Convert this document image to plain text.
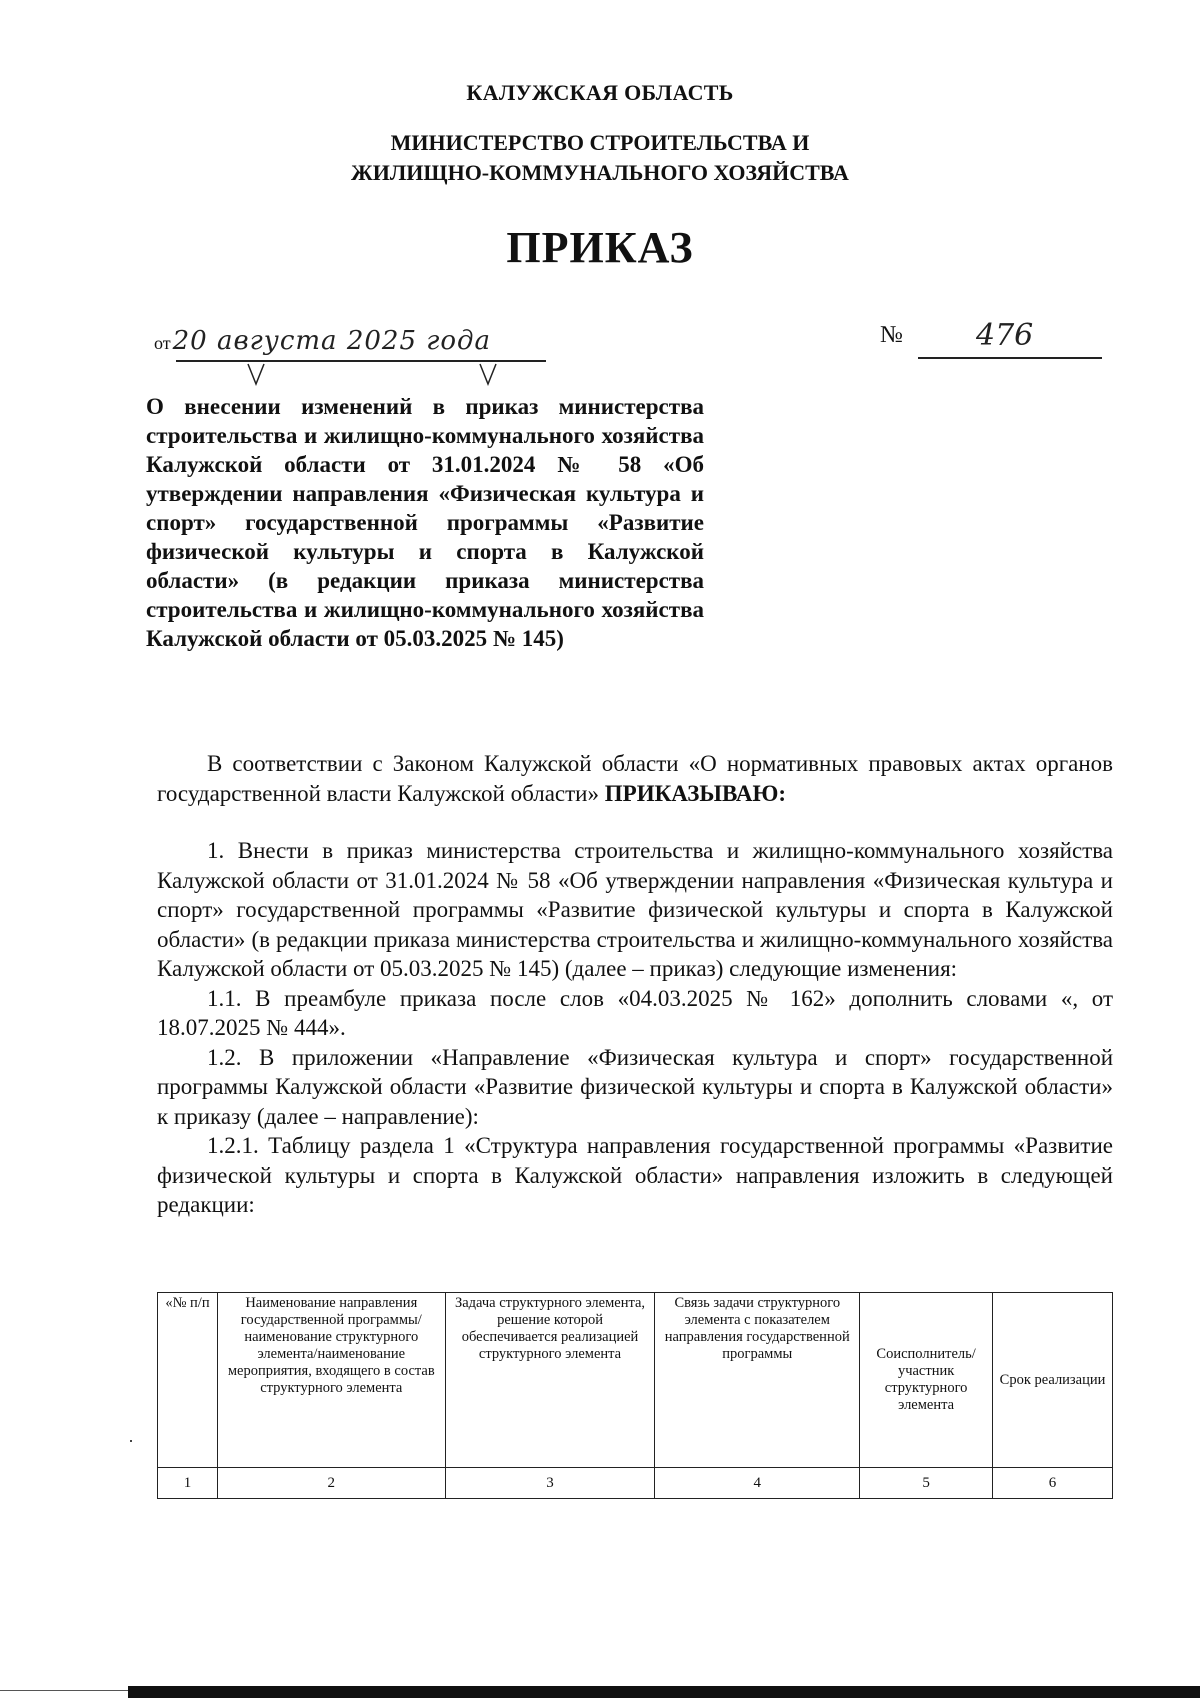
КАЛУЖСКАЯ ОБЛАСТЬ
МИНИСТЕРСТВО СТРОИТЕЛЬСТВА И
ЖИЛИЩНО-КОММУНАЛЬНОГО ХОЗЯЙСТВА
ПРИКАЗ
от20 августа 2025 года	№ 476
О внесении изменений в приказ министерства строительства и жилищно-коммунального хозяйства Калужской области от 31.01.2024 № 58 «Об утверждении направления «Физическая культура и спорт» государственной программы «Развитие физической культуры и спорта в Калужской области» (в редакции приказа министерства строительства и жилищно-коммунального хозяйства Калужской области от 05.03.2025 № 145)
В соответствии с Законом Калужской области «О нормативных правовых актах органов государственной власти Калужской области» ПРИКАЗЫВАЮ:

1. Внести в приказ министерства строительства и жилищно-коммунального хозяйства Калужской области от 31.01.2024 № 58 «Об утверждении направления «Физическая культура и спорт» государственной программы «Развитие физической культуры и спорта в Калужской области» (в редакции приказа министерства строительства и жилищно-коммунального хозяйства Калужской области от 05.03.2025 № 145) (далее – приказ) следующие изменения:

1.1. В преамбуле приказа после слов «04.03.2025 № 162» дополнить словами «, от 18.07.2025 № 444».

1.2. В приложении «Направление «Физическая культура и спорт» государственной программы Калужской области «Развитие физической культуры и спорта в Калужской области» к приказу (далее – направление):

1.2.1. Таблицу раздела 1 «Структура направления государственной программы «Развитие физической культуры и спорта в Калужской области» направления изложить в следующей редакции:

«№ п/п	Наименование направления государственной программы/ наименование структурного элемента/наименование мероприятия, входящего в состав структурного элемента	Задача структурного элемента, решение которой обеспечивается реализацией структурного элемента	Связь задачи структурного элемента с показателем направления государственной программы	Соисполнитель/ участник структурного элемента	Срок реализации
1	2	3	4	5	6
